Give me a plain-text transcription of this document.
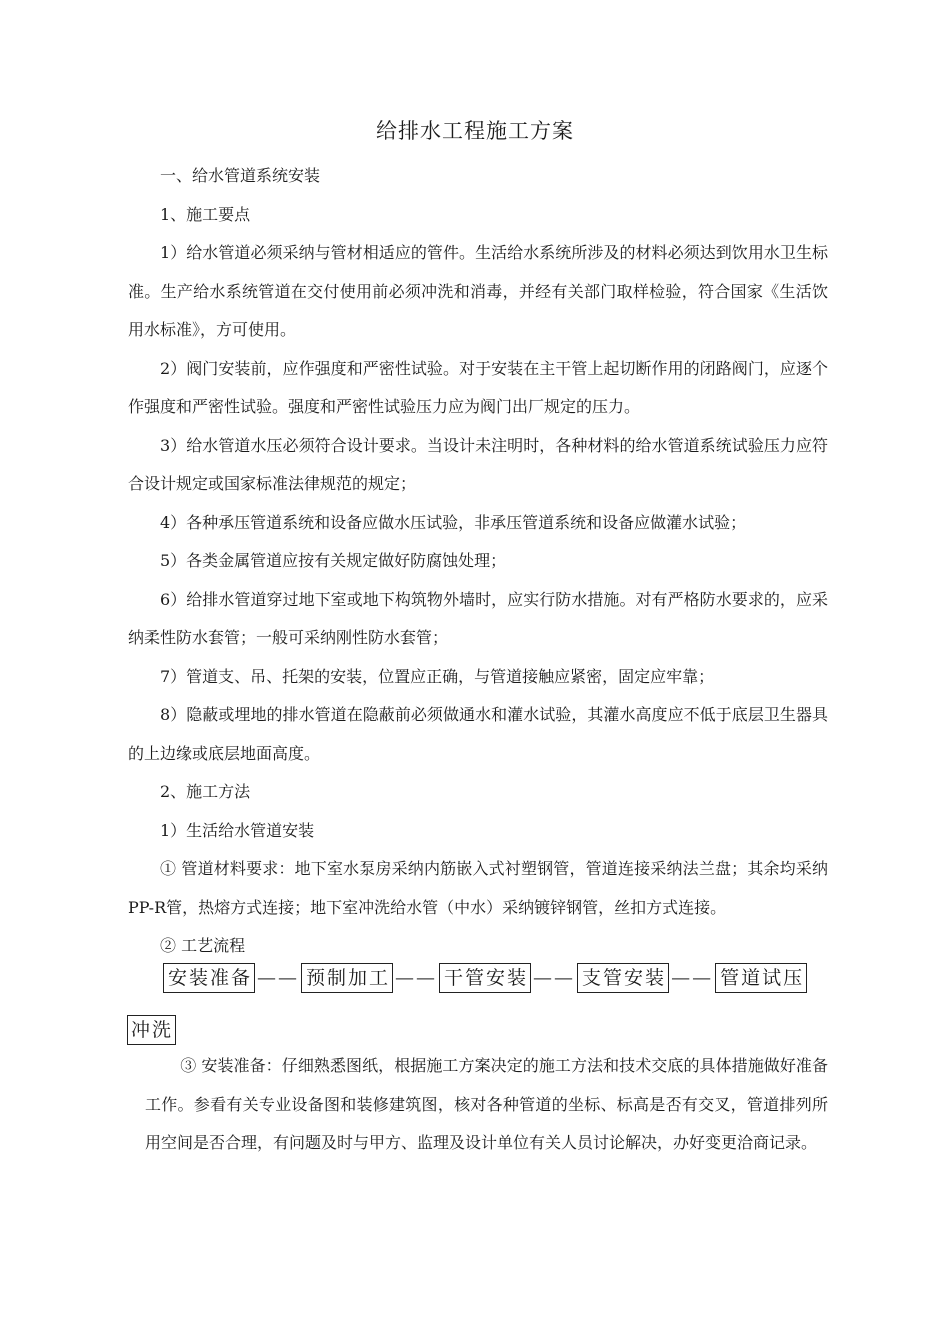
给排水工程施工方案

一、给水管道系统安装

1、施工要点

1）给水管道必须采纳与管材相适应的管件。生活给水系统所涉及的材料必须达到饮用水卫生标准。生产给水系统管道在交付使用前必须冲洗和消毒，并经有关部门取样检验，符合国家《生活饮用水标准》，方可使用。

2）阀门安装前，应作强度和严密性试验。对于安装在主干管上起切断作用的闭路阀门，应逐个作强度和严密性试验。强度和严密性试验压力应为阀门出厂规定的压力。

3）给水管道水压必须符合设计要求。当设计未注明时，各种材料的给水管道系统试验压力应符合设计规定或国家标准法律规范的规定；

4）各种承压管道系统和设备应做水压试验，非承压管道系统和设备应做灌水试验；

5）各类金属管道应按有关规定做好防腐蚀处理；

6）给排水管道穿过地下室或地下构筑物外墙时，应实行防水措施。对有严格防水要求的，应采纳柔性防水套管；一般可采纳刚性防水套管；

7）管道支、吊、托架的安装，位置应正确，与管道接触应紧密，固定应牢靠；

8）隐蔽或埋地的排水管道在隐蔽前必须做通水和灌水试验，其灌水高度应不低于底层卫生器具的上边缘或底层地面高度。

2、施工方法

1）生活给水管道安装

① 管道材料要求：地下室水泵房采纳内筋嵌入式衬塑钢管，管道连接采纳法兰盘；其余均采纳PP-R管，热熔方式连接；地下室冲洗给水管（中水）采纳镀锌钢管，丝扣方式连接。

② 工艺流程

安装准备 —— 预制加工 —— 干管安装 —— 支管安装 —— 管道试压
冲洗

③ 安装准备：仔细熟悉图纸，根据施工方案决定的施工方法和技术交底的具体措施做好准备工作。参看有关专业设备图和装修建筑图，核对各种管道的坐标、标高是否有交叉，管道排列所用空间是否合理，有问题及时与甲方、监理及设计单位有关人员讨论解决，办好变更洽商记录。
